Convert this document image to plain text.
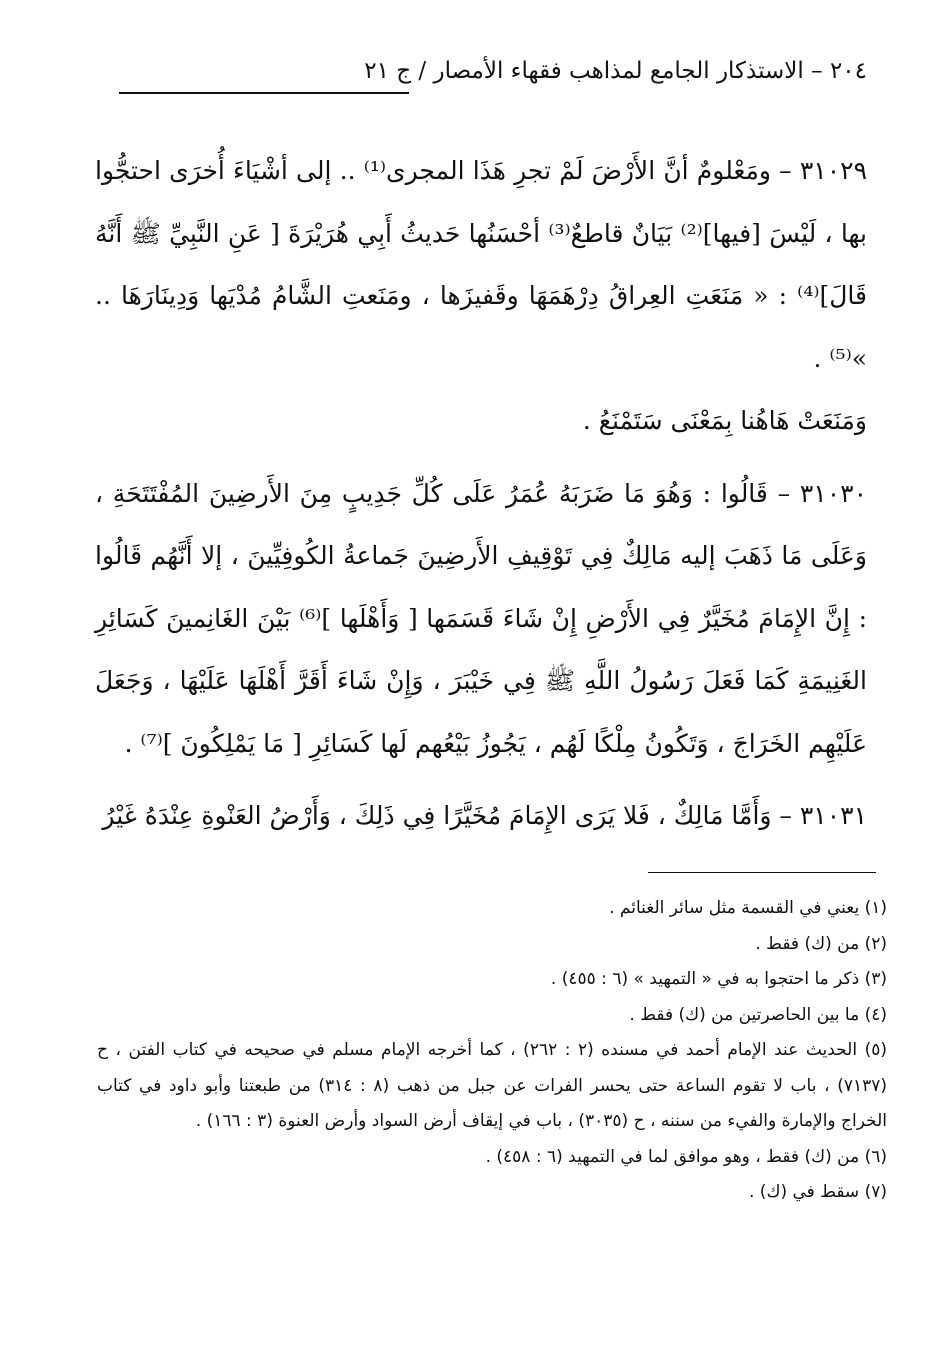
٢٠٤ – الاستذكار الجامع لمذاهب فقهاء الأمصار / ج ٢١

٣١٠٢٩ – ومَعْلومٌ أنَّ الأَرْضَ لَمْ تجرِ هَذَا المجرى⁽¹⁾ .. إلى أشْيَاءَ أُخرَى احتجُّوا بها ، لَيْسَ [فيها]⁽²⁾ بَيَانٌ قاطعٌ⁽³⁾ أحْسَنُها حَديثُ أَبِي هُرَيْرَةَ [ عَنِ النَّبِيِّ ﷺ أَنَّهُ قَالَ]⁽⁴⁾ : « مَنَعَتِ العِراقُ دِرْهَمَهَا وقَفيزَها ، ومَنَعتِ الشَّامُ مُدْيَها وَدِينَارَهَا .. »⁽⁵⁾ .

وَمَنَعَتْ هَاهُنا بِمَعْنَى سَتَمْنَعُ .

٣١٠٣٠ – قَالُوا : وَهُوَ مَا ضَرَبَهُ عُمَرُ عَلَى كُلِّ جَدِيبٍ مِنَ الأَرضِينَ المُفْتَتَحَةِ ، وَعَلَى مَا ذَهَبَ إليه مَالِكٌ فِي تَوْقِيفِ الأَرضِينَ جَماعةُ الكُوفِيِّينَ ، إلا أَنَّهُم قَالُوا : إِنَّ الإِمَامَ مُخَيَّرٌ فِي الأَرْضِ إِنْ شَاءَ قَسَمَها [ وَأَهْلَها ]⁽⁶⁾ بَيْنَ الغَانِمينَ كَسَائِرِ الغَنِيمَةِ كَمَا فَعَلَ رَسُولُ اللَّهِ ﷺ فِي خَيْبَرَ ، وَإِنْ شَاءَ أَقَرَّ أَهْلَهَا عَلَيْهَا ، وَجَعَلَ عَلَيْهِم الخَرَاجَ ، وَتَكُونُ مِلْكًا لَهُم ، يَجُوزُ بَيْعُهم لَها كَسَائِرِ [ مَا يَمْلِكُونَ ]⁽⁷⁾ .

٣١٠٣١ – وَأَمَّا مَالِكٌ ، فَلا يَرَى الإِمَامَ مُخَيَّرًا فِي ذَلِكَ ، وَأَرْضُ العَنْوةِ عِنْدَهُ غَيْرُ

(١) يعني في القسمة مثل سائر الغنائم .

(٢) من (ك) فقط .

(٣) ذكر ما احتجوا به في « التمهيد » (٦ : ٤٥٥) .

(٤) ما بين الحاصرتين من (ك) فقط .

(٥) الحديث عند الإمام أحمد في مسنده (٢ : ٢٦٢) ، كما أخرجه الإمام مسلم في صحيحه في كتاب الفتن ، ح (٧١٣٧) ، باب لا تقوم الساعة حتى يحسر الفرات عن جبل من ذهب (٨ : ٣١٤) من طبعتنا وأبو داود في كتاب الخراج والإمارة والفيء من سننه ، ح (٣٠٣٥) ، باب في إيقاف أرض السواد وأرض العنوة (٣ : ١٦٦) .

(٦) من (ك) فقط ، وهو موافق لما في التمهيد (٦ : ٤٥٨) .

(٧) سقط في (ك) .
